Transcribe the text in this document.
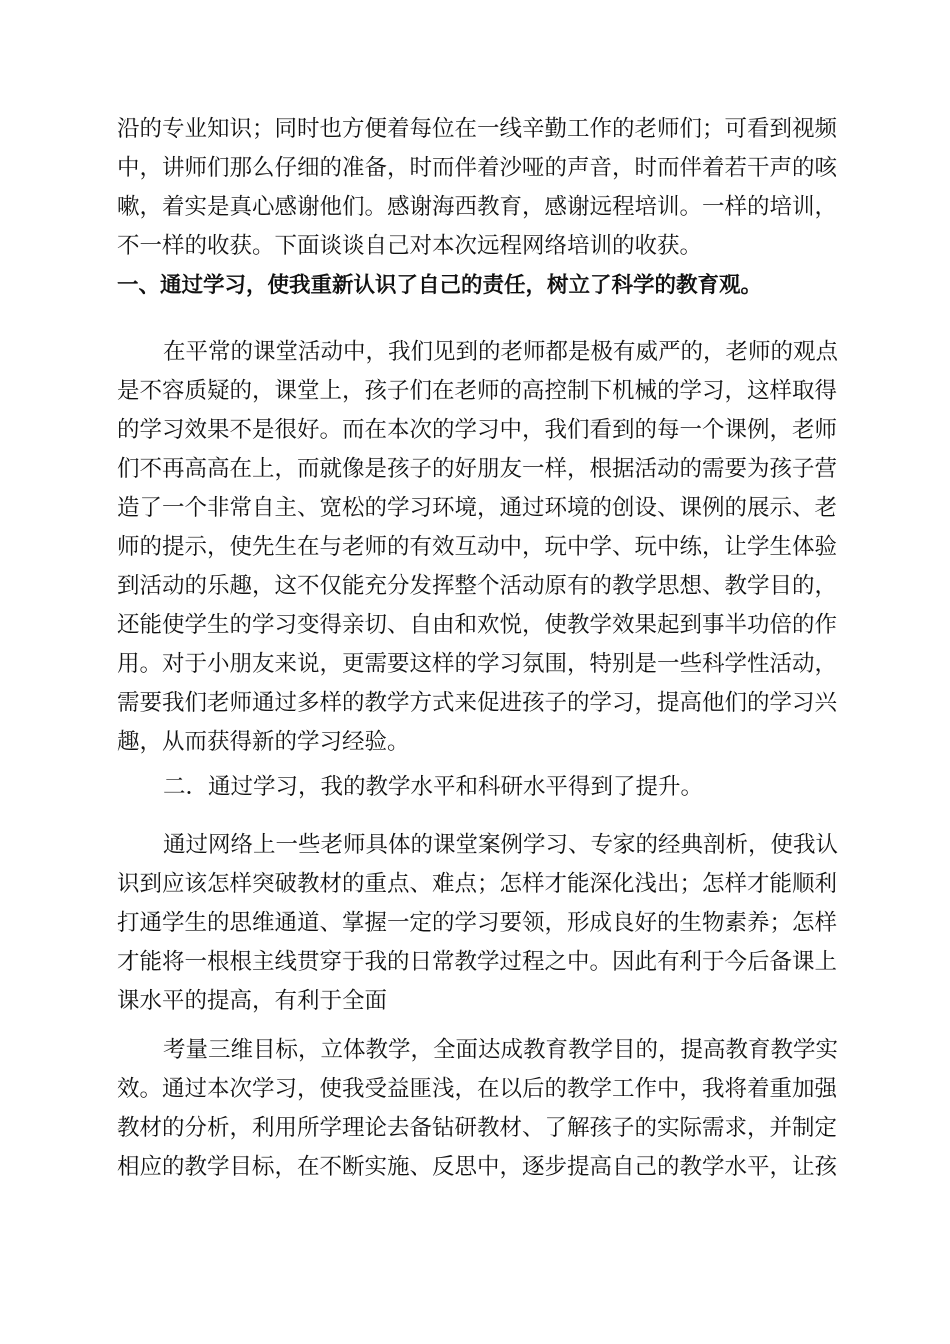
沿的专业知识；同时也方便着每位在一线辛勤工作的老师们；可看到视频
中，讲师们那么仔细的准备，时而伴着沙哑的声音，时而伴着若干声的咳
嗽，着实是真心感谢他们。感谢海西教育，感谢远程培训。一样的培训，
不一样的收获。下面谈谈自己对本次远程网络培训的收获。
一、通过学习，使我重新认识了自己的责任，树立了科学的教育观。
在平常的课堂活动中，我们见到的老师都是极有威严的，老师的观点
是不容质疑的，课堂上，孩子们在老师的高控制下机械的学习，这样取得
的学习效果不是很好。而在本次的学习中，我们看到的每一个课例，老师
们不再高高在上，而就像是孩子的好朋友一样，根据活动的需要为孩子营
造了一个非常自主、宽松的学习环境，通过环境的创设、课例的展示、老
师的提示，使先生在与老师的有效互动中，玩中学、玩中练，让学生体验
到活动的乐趣，这不仅能充分发挥整个活动原有的教学思想、教学目的，
还能使学生的学习变得亲切、自由和欢悦，使教学效果起到事半功倍的作
用。对于小朋友来说，更需要这样的学习氛围，特别是一些科学性活动，
需要我们老师通过多样的教学方式来促进孩子的学习，提高他们的学习兴
趣，从而获得新的学习经验。
二．通过学习，我的教学水平和科研水平得到了提升。
通过网络上一些老师具体的课堂案例学习、专家的经典剖析，使我认
识到应该怎样突破教材的重点、难点；怎样才能深化浅出；怎样才能顺利
打通学生的思维通道、掌握一定的学习要领，形成良好的生物素养；怎样
才能将一根根主线贯穿于我的日常教学过程之中。因此有利于今后备课上
课水平的提高，有利于全面
考量三维目标，立体教学，全面达成教育教学目的，提高教育教学实
效。通过本次学习，使我受益匪浅，在以后的教学工作中，我将着重加强
教材的分析，利用所学理论去备钻研教材、了解孩子的实际需求，并制定
相应的教学目标，在不断实施、反思中，逐步提高自己的教学水平，让孩
